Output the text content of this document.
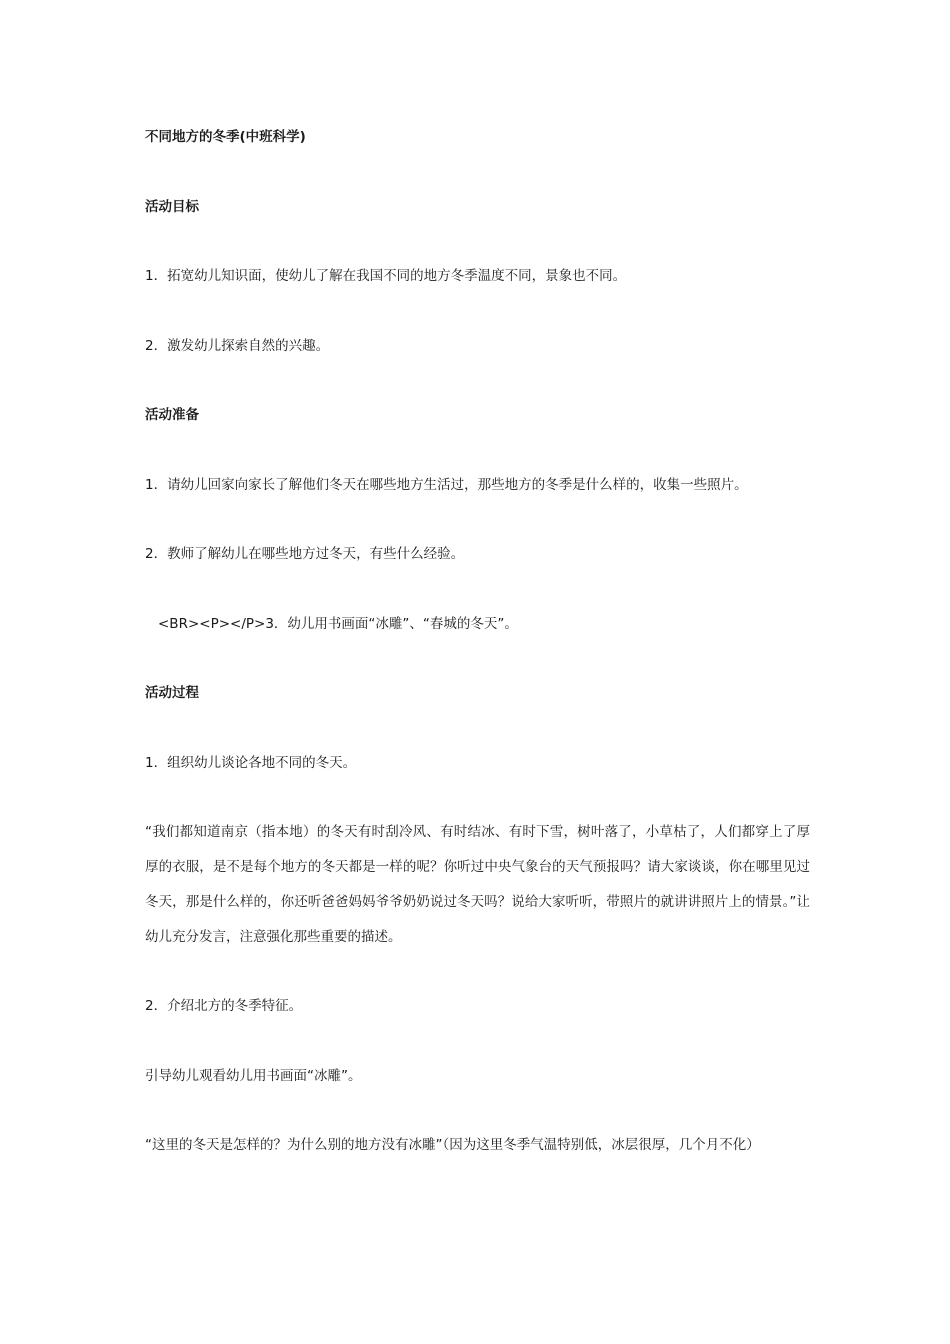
不同地方的冬季(中班科学)
活动目标
1．拓宽幼儿知识面，使幼儿了解在我国不同的地方冬季温度不同，景象也不同。
2．激发幼儿探索自然的兴趣。
活动准备
1．请幼儿回家向家长了解他们冬天在哪些地方生活过，那些地方的冬季是什么样的，收集一些照片。
2．教师了解幼儿在哪些地方过冬天，有些什么经验。
<BR><P></P>3．幼儿用书画面“冰雕”、“春城的冬天”。
活动过程
1．组织幼儿谈论各地不同的冬天。
“我们都知道南京（指本地）的冬天有时刮冷风、有时结冰、有时下雪，树叶落了，小草枯了，人们都穿上了厚厚的衣服，是不是每个地方的冬天都是一样的呢？你听过中央气象台的天气预报吗？请大家谈谈，你在哪里见过冬天，那是什么样的，你还听爸爸妈妈爷爷奶奶说过冬天吗？说给大家听听，带照片的就讲讲照片上的情景。”让幼儿充分发言，注意强化那些重要的描述。
2．介绍北方的冬季特征。
引导幼儿观看幼儿用书画面“冰雕”。
“这里的冬天是怎样的？为什么别的地方没有冰雕”（因为这里冬季气温特别低，冰层很厚，几个月不化）
